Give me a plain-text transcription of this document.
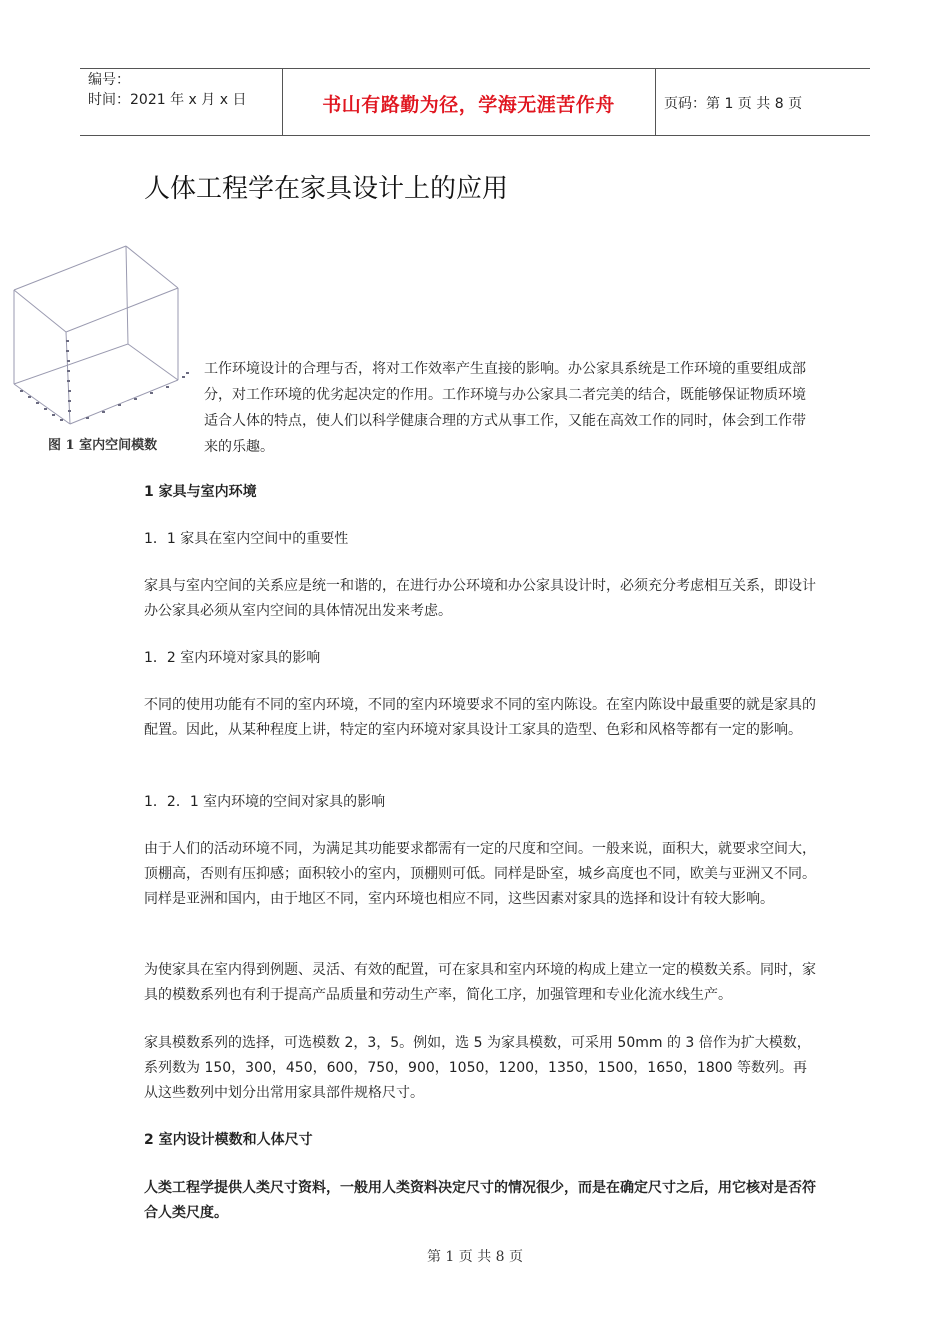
编号：
时间：2021 年 x 月 x 日	书山有路勤为径，学海无涯苦作舟	页码：第 1 页 共 8 页
人体工程学在家具设计上的应用
图 1 室内空间模数

工作环境设计的合理与否，将对工作效率产生直接的影响。办公家具系统是工作环境的重要组成部分，对工作环境的优劣起决定的作用。工作环境与办公家具二者完美的结合，既能够保证物质环境适合人体的特点，使人们以科学健康合理的方式从事工作，又能在高效工作的同时，体会到工作带来的乐趣。

1 家具与室内环境

1．1 家具在室内空间中的重要性

家具与室内空间的关系应是统一和谐的，在进行办公环境和办公家具设计时，必须充分考虑相互关系，即设计办公家具必须从室内空间的具体情况出发来考虑。

1．2 室内环境对家具的影响

不同的使用功能有不同的室内环境，不同的室内环境要求不同的室内陈设。在室内陈设中最重要的就是家具的配置。因此，从某种程度上讲，特定的室内环境对家具设计工家具的造型、色彩和风格等都有一定的影响。

1．2．1 室内环境的空间对家具的影响

由于人们的活动环境不同，为满足其功能要求都需有一定的尺度和空间。一般来说，面积大，就要求空间大，顶棚高，否则有压抑感；面积较小的室内，顶棚则可低。同样是卧室，城乡高度也不同，欧美与亚洲又不同。同样是亚洲和国内，由于地区不同，室内环境也相应不同，这些因素对家具的选择和设计有较大影响。

为使家具在室内得到例题、灵活、有效的配置，可在家具和室内环境的构成上建立一定的模数关系。同时，家具的模数系列也有利于提高产品质量和劳动生产率，简化工序，加强管理和专业化流水线生产。

家具模数系列的选择，可选模数 2，3，5。例如，选 5 为家具模数，可采用 50mm 的 3 倍作为扩大模数，系列数为 150，300，450，600，750，900，1050，1200，1350，1500，1650，1800 等数列。再从这些数列中划分出常用家具部件规格尺寸。

2 室内设计模数和人体尺寸

人类工程学提供人类尺寸资料，一般用人类资料决定尺寸的情况很少，而是在确定尺寸之后，用它核对是否符合人类尺度。

第 1 页 共 8 页
